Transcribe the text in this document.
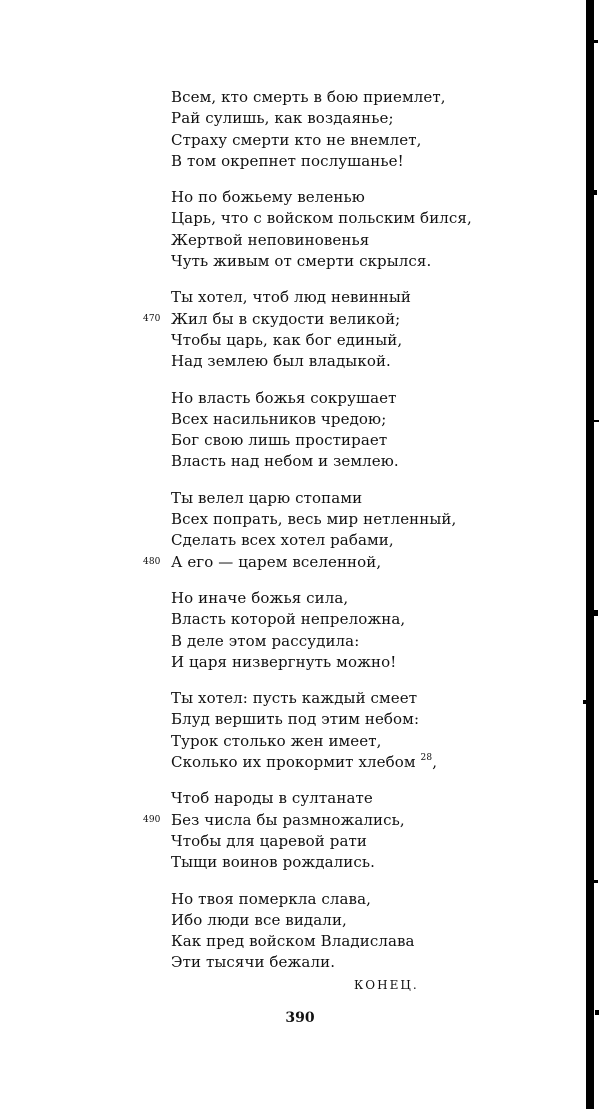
Всем, кто смерть в бою приемлет,
Рай сулишь, как воздаянье;
Страху смерти кто не внемлет,
В том окрепнет послушанье!
Но по божьему веленью
Царь, что с войском польским бился,
Жертвой неповиновенья
Чуть живым от смерти скрылся.
Ты хотел, чтоб люд невинный
470 Жил бы в скудости великой;
Чтобы царь, как бог единый,
Над землею был владыкой.
Но власть божья сокрушает
Всех насильников чредою;
Бог свою лишь простирает
Власть над небом и землею.
Ты велел царю стопами
Всех попрать, весь мир нетленный,
Сделать всех хотел рабами,
480 А его — царем вселенной,
Но иначе божья сила,
Власть которой непреложна,
В деле этом рассудила:
И царя низвергнуть можно!
Ты хотел: пусть каждый смеет
Блуд вершить под этим небом:
Турок столько жен имеет,
Сколько их прокормит хлебом $^{28}$,
Чтоб народы в султанате
490 Без числа бы размножались,
Чтобы для царевой рати
Тыщи воинов рождались.
Но твоя померкла слава,
Ибо люди все видали,
Как пред войском Владислава
Эти тысячи бежали.
КОНЕЦ.
390
